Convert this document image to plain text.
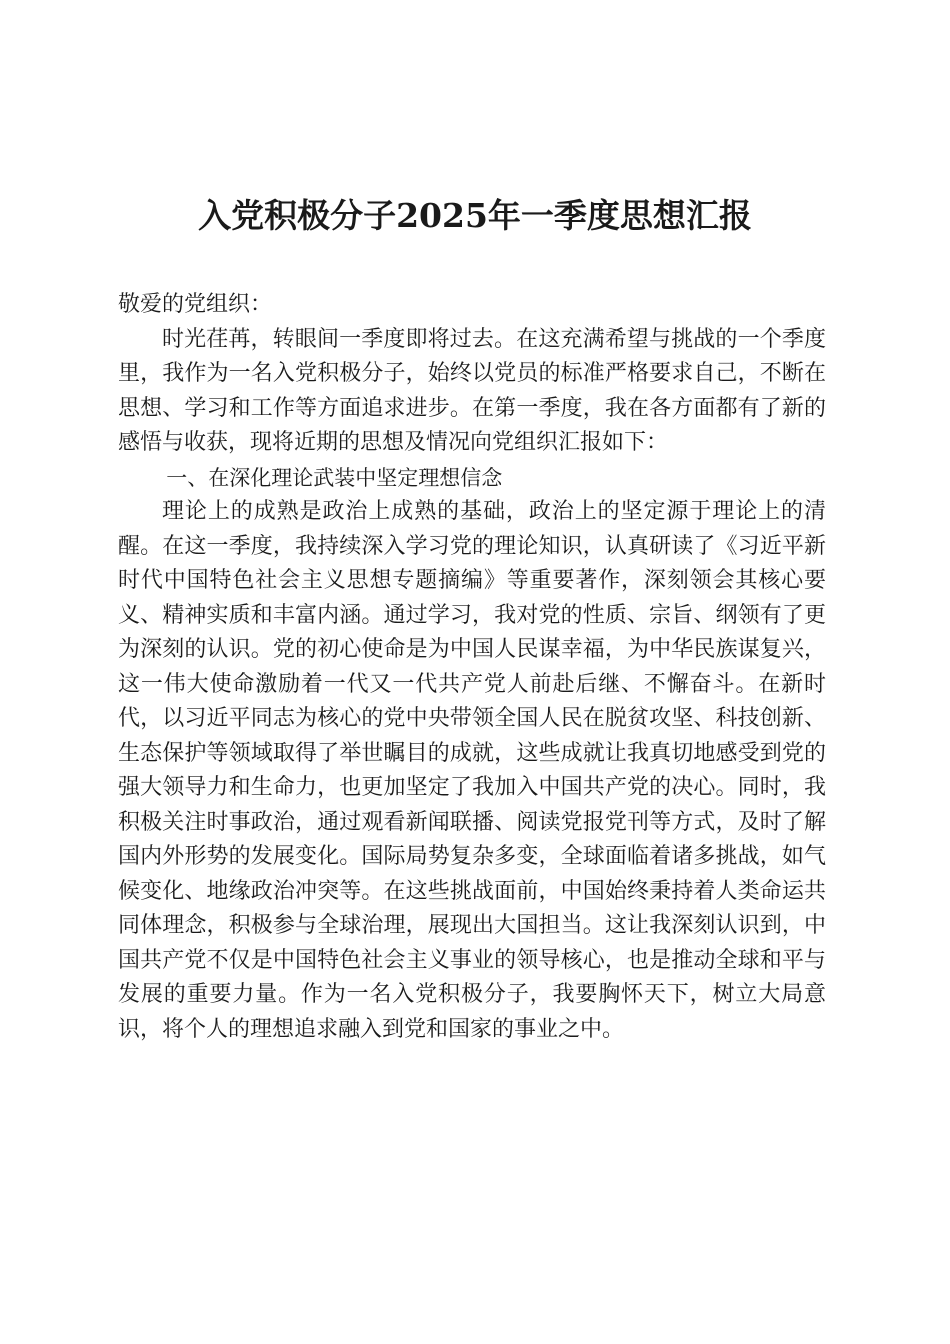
入党积极分子2025年一季度思想汇报

敬爱的党组织：

时光荏苒，转眼间一季度即将过去。在这充满希望与挑战的一个季度里，我作为一名入党积极分子，始终以党员的标准严格要求自己，不断在思想、学习和工作等方面追求进步。在第一季度，我在各方面都有了新的感悟与收获，现将近期的思想及情况向党组织汇报如下：

一、在深化理论武装中坚定理想信念

理论上的成熟是政治上成熟的基础，政治上的坚定源于理论上的清醒。在这一季度，我持续深入学习党的理论知识，认真研读了《习近平新时代中国特色社会主义思想专题摘编》等重要著作，深刻领会其核心要义、精神实质和丰富内涵。通过学习，我对党的性质、宗旨、纲领有了更为深刻的认识。党的初心使命是为中国人民谋幸福，为中华民族谋复兴，这一伟大使命激励着一代又一代共产党人前赴后继、不懈奋斗。在新时代，以习近平同志为核心的党中央带领全国人民在脱贫攻坚、科技创新、生态保护等领域取得了举世瞩目的成就，这些成就让我真切地感受到党的强大领导力和生命力，也更加坚定了我加入中国共产党的决心。同时，我积极关注时事政治，通过观看新闻联播、阅读党报党刊等方式，及时了解国内外形势的发展变化。国际局势复杂多变，全球面临着诸多挑战，如气候变化、地缘政治冲突等。在这些挑战面前，中国始终秉持着人类命运共同体理念，积极参与全球治理，展现出大国担当。这让我深刻认识到，中国共产党不仅是中国特色社会主义事业的领导核心，也是推动全球和平与发展的重要力量。作为一名入党积极分子，我要胸怀天下，树立大局意识，将个人的理想追求融入到党和国家的事业之中。
